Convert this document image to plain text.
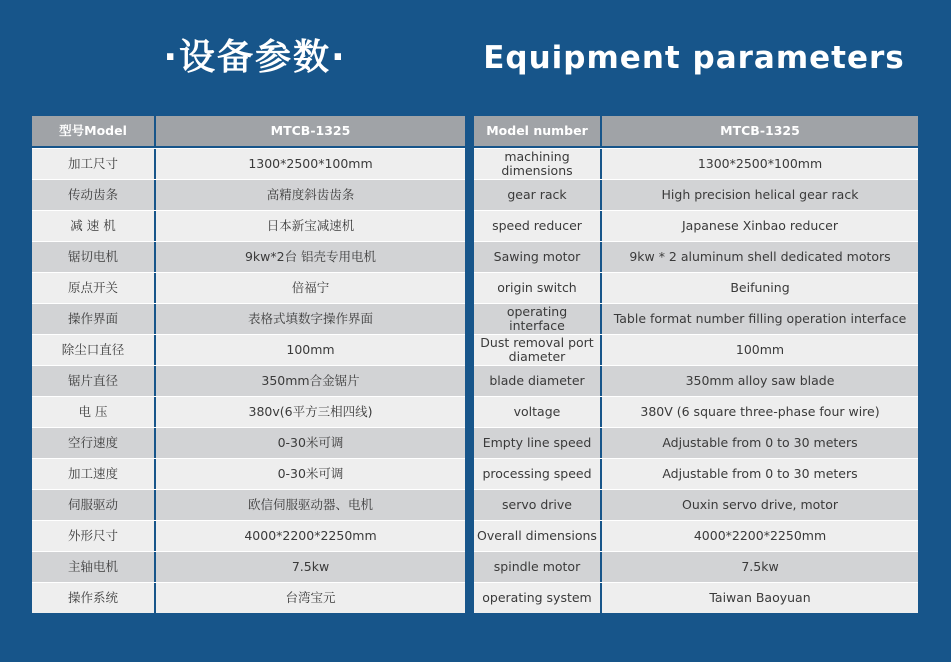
·设备参数·	Equipment parameters
型号Model	MTCB-1325
加工尺寸	1300*2500*100mm
传动齿条	高精度斜齿齿条
减 速 机	日本新宝减速机
锯切电机	9kw*2台 铝壳专用电机
原点开关	倍福宁
操作界面	表格式填数字操作界面
除尘口直径	100mm
锯片直径	350mm合金锯片
电 压	380v(6平方三相四线)
空行速度	0-30米可调
加工速度	0-30米可调
伺服驱动	欧信伺服驱动器、电机
外形尺寸	4000*2200*2250mm
主轴电机	7.5kw
操作系统	台湾宝元
Model number	MTCB-1325
machining dimensions	1300*2500*100mm
gear rack	High precision helical gear rack
speed reducer	Japanese Xinbao reducer
Sawing motor	9kw * 2 aluminum shell dedicated motors
origin switch	Beifuning
operating interface	Table format number filling operation interface
Dust removal port diameter	100mm
blade diameter	350mm alloy saw blade
voltage	380V (6 square three-phase four wire)
Empty line speed	Adjustable from 0 to 30 meters
processing speed	Adjustable from 0 to 30 meters
servo drive	Ouxin servo drive, motor
Overall dimensions	4000*2200*2250mm
spindle motor	7.5kw
operating system	Taiwan Baoyuan
